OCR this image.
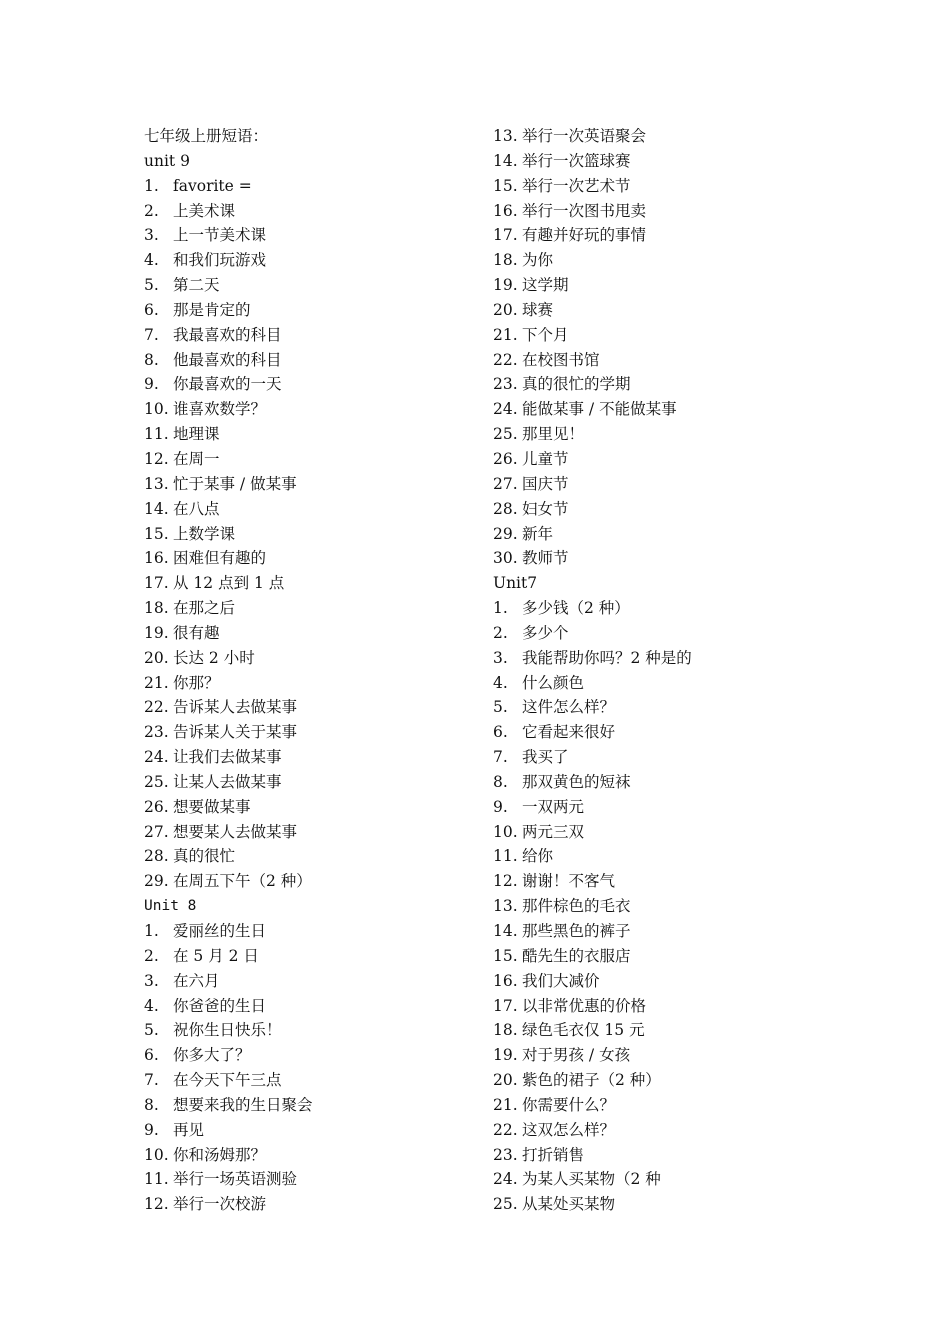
七年级上册短语：
unit 9
1. favorite =
2. 上美术课
3. 上一节美术课
4. 和我们玩游戏
5. 第二天
6. 那是肯定的
7. 我最喜欢的科目
8. 他最喜欢的科目
9. 你最喜欢的一天
10. 谁喜欢数学？
11. 地理课
12. 在周一
13. 忙于某事 / 做某事
14. 在八点
15. 上数学课
16. 困难但有趣的
17. 从 12 点到 1 点
18. 在那之后
19. 很有趣
20. 长达 2 小时
21. 你那？
22. 告诉某人去做某事
23. 告诉某人关于某事
24. 让我们去做某事
25. 让某人去做某事
26. 想要做某事
27. 想要某人去做某事
28. 真的很忙
29. 在周五下午（2 种）
Unit 8
1. 爱丽丝的生日
2. 在 5 月 2 日
3. 在六月
4. 你爸爸的生日
5. 祝你生日快乐！
6. 你多大了？
7. 在今天下午三点
8. 想要来我的生日聚会
9. 再见
10. 你和汤姆那？
11. 举行一场英语测验
12. 举行一次校游
13. 举行一次英语聚会
14. 举行一次篮球赛
15. 举行一次艺术节
16. 举行一次图书甩卖
17. 有趣并好玩的事情
18. 为你
19. 这学期
20. 球赛
21. 下个月
22. 在校图书馆
23. 真的很忙的学期
24. 能做某事 / 不能做某事
25. 那里见！
26. 儿童节
27. 国庆节
28. 妇女节
29. 新年
30. 教师节
Unit7
1. 多少钱（2 种）
2. 多少个
3. 我能帮助你吗？2 种是的
4. 什么颜色
5. 这件怎么样？
6. 它看起来很好
7. 我买了
8. 那双黄色的短袜
9. 一双两元
10. 两元三双
11. 给你
12. 谢谢！不客气
13. 那件棕色的毛衣
14. 那些黑色的裤子
15. 酷先生的衣服店
16. 我们大减价
17. 以非常优惠的价格
18. 绿色毛衣仅 15 元
19. 对于男孩 / 女孩
20. 紫色的裙子（2 种）
21. 你需要什么？
22. 这双怎么样？
23. 打折销售
24. 为某人买某物（2 种
25. 从某处买某物
